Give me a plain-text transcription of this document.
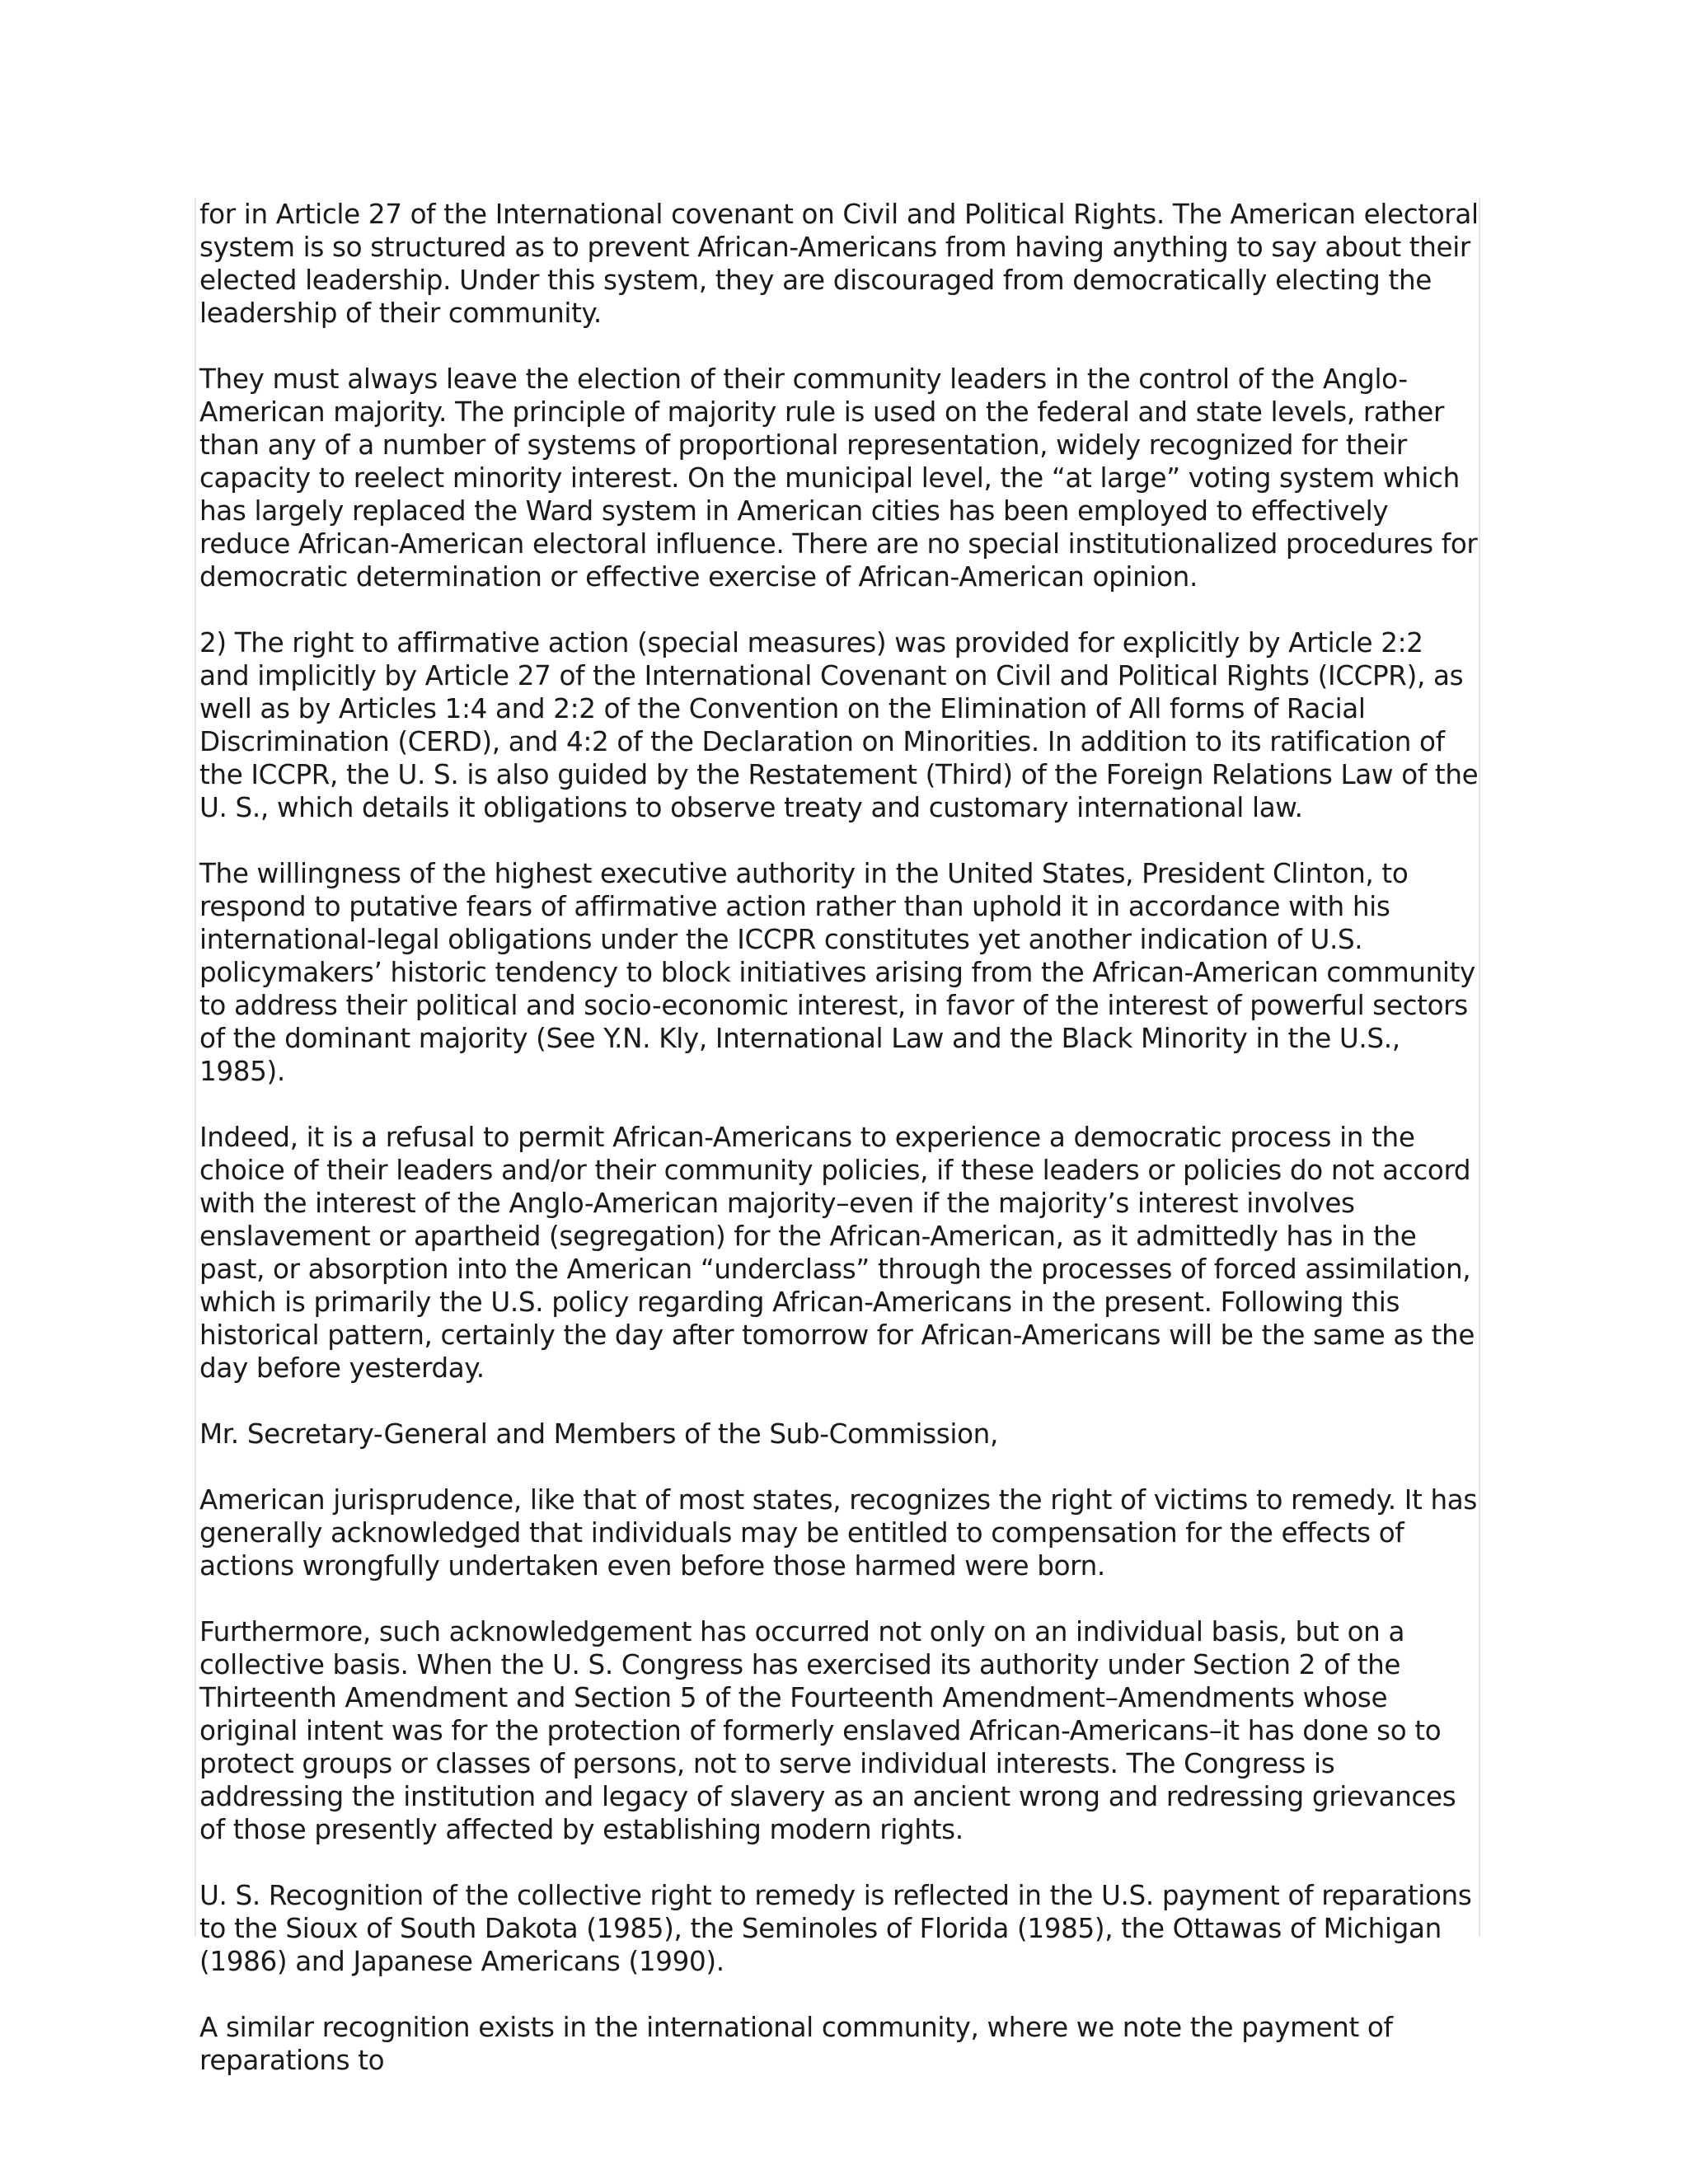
for in Article 27 of the International covenant on Civil and Political Rights. The American electoral system is so structured as to prevent African-Americans from having anything to say about their elected leadership. Under this system, they are discouraged from democratically electing the leadership of their community.

They must always leave the election of their community leaders in the control of the Anglo-American majority. The principle of majority rule is used on the federal and state levels, rather than any of a number of systems of proportional representation, widely recognized for their capacity to reelect minority interest. On the municipal level, the “at large” voting system which has largely replaced the Ward system in American cities has been employed to effectively reduce African-American electoral influence. There are no special institutionalized procedures for democratic determination or effective exercise of African-American opinion.

2) The right to affirmative action (special measures) was provided for explicitly by Article 2:2 and implicitly by Article 27 of the International Covenant on Civil and Political Rights (ICCPR), as well as by Articles 1:4 and 2:2 of the Convention on the Elimination of All forms of Racial Discrimination (CERD), and 4:2 of the Declaration on Minorities. In addition to its ratification of the ICCPR, the U. S. is also guided by the Restatement (Third) of the Foreign Relations Law of the U. S., which details it obligations to observe treaty and customary international law.

The willingness of the highest executive authority in the United States, President Clinton, to respond to putative fears of affirmative action rather than uphold it in accordance with his international-legal obligations under the ICCPR constitutes yet another indication of U.S. policymakers’ historic tendency to block initiatives arising from the African-American community to address their political and socio-economic interest, in favor of the interest of powerful sectors of the dominant majority (See Y.N. Kly, International Law and the Black Minority in the U.S., 1985).

Indeed, it is a refusal to permit African-Americans to experience a democratic process in the choice of their leaders and/or their community policies, if these leaders or policies do not accord with the interest of the Anglo-American majority–even if the majority’s interest involves enslavement or apartheid (segregation) for the African-American, as it admittedly has in the past, or absorption into the American “underclass” through the processes of forced assimilation, which is primarily the U.S. policy regarding African-Americans in the present. Following this historical pattern, certainly the day after tomorrow for African-Americans will be the same as the day before yesterday.

Mr. Secretary-General and Members of the Sub-Commission,

American jurisprudence, like that of most states, recognizes the right of victims to remedy. It has generally acknowledged that individuals may be entitled to compensation for the effects of actions wrongfully undertaken even before those harmed were born.

Furthermore, such acknowledgement has occurred not only on an individual basis, but on a collective basis. When the U. S. Congress has exercised its authority under Section 2 of the Thirteenth Amendment and Section 5 of the Fourteenth Amendment–Amendments whose original intent was for the protection of formerly enslaved African-Americans–it has done so to protect groups or classes of persons, not to serve individual interests. The Congress is addressing the institution and legacy of slavery as an ancient wrong and redressing grievances of those presently affected by establishing modern rights.

U. S. Recognition of the collective right to remedy is reflected in the U.S. payment of reparations to the Sioux of South Dakota (1985), the Seminoles of Florida (1985), the Ottawas of Michigan (1986) and Japanese Americans (1990).

A similar recognition exists in the international community, where we note the payment of reparations to
